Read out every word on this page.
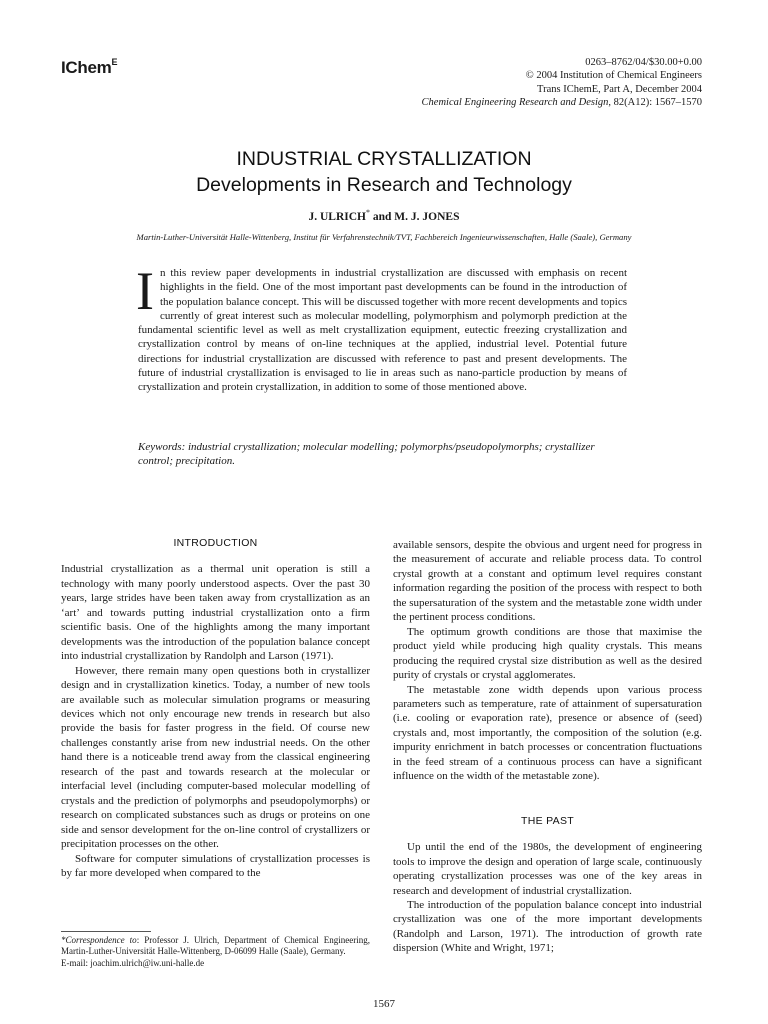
IChem$^E$	0263–8762/04/$30.00+0.00
© 2004 Institution of Chemical Engineers
Trans IChemE, Part A, December 2004
Chemical Engineering Research and Design, 82(A12): 1567–1570
INDUSTRIAL CRYSTALLIZATION
Developments in Research and Technology
J. ULRICH* and M. J. JONES
Martin-Luther-Universität Halle-Wittenberg, Institut für Verfahrenstechnik/TVT, Fachbereich Ingenieurwissenschaften, Halle (Saale), Germany
In this review paper developments in industrial crystallization are discussed with emphasis on recent highlights in the field. One of the most important past developments can be found in the introduction of the population balance concept. This will be discussed together with more recent developments and topics currently of great interest such as molecular modelling, polymorphism and polymorph prediction at the fundamental scientific level as well as melt crystallization equipment, eutectic freezing crystallization and crystallization control by means of on-line techniques at the applied, industrial level. Potential future directions for industrial crystallization are discussed with reference to past and present developments. The future of industrial crystallization is envisaged to lie in areas such as nano-particle production by means of crystallization and protein crystallization, in addition to some of those mentioned above.
Keywords: industrial crystallization; molecular modelling; polymorphs/pseudopolymorphs; crystallizer control; precipitation.
INTRODUCTION

Industrial crystallization as a thermal unit operation is still a technology with many poorly understood aspects. Over the past 30 years, large strides have been taken away from crystallization as an ‘art’ and towards putting industrial crystallization onto a firm scientific basis. One of the highlights among the many important developments was the introduction of the population balance concept into industrial crystallization by Randolph and Larson (1971).

However, there remain many open questions both in crystallizer design and in crystallization kinetics. Today, a number of new tools are available such as molecular simulation programs or measuring devices which not only encourage new trends in research but also provide the basis for faster progress in the field. Of course new challenges constantly arise from new industrial needs. On the other hand there is a noticeable trend away from the classical engineering research of the past and towards research at the molecular or interfacial level (including computer-based molecular modelling of crystals and the prediction of polymorphs and pseudopolymorphs) or research on complicated substances such as drugs or proteins on one side and sensor development for the on-line control of crystallizers or precipitation processes on the other.

Software for computer simulations of crystallization processes is by far more developed when compared to the

available sensors, despite the obvious and urgent need for progress in the measurement of accurate and reliable process data. To control crystal growth at a constant and optimum level requires constant information regarding the position of the process with respect to both the supersaturation of the system and the metastable zone width under the pertinent process conditions.

The optimum growth conditions are those that maximise the product yield while producing high quality crystals. This means producing the required crystal size distribution as well as the desired purity of crystals or crystal agglomerates.

The metastable zone width depends upon various process parameters such as temperature, rate of attainment of supersaturation (i.e. cooling or evaporation rate), presence or absence of (seed) crystals and, most importantly, the composition of the solution (e.g. impurity enrichment in batch processes or concentration fluctuations in the feed stream of a continuous process can have a significant influence on the width of the metastable zone).

THE PAST

Up until the end of the 1980s, the development of engineering tools to improve the design and operation of large scale, continuously operating crystallization processes was one of the key areas in research and development of industrial crystallization.

The introduction of the population balance concept into industrial crystallization was one of the more important developments (Randolph and Larson, 1971). The introduction of growth rate dispersion (White and Wright, 1971;

*Correspondence to: Professor J. Ulrich, Department of Chemical Engineering, Martin-Luther-Universität Halle-Wittenberg, D-06099 Halle (Saale), Germany.
E-mail: joachim.ulrich@iw.uni-halle.de
1567
